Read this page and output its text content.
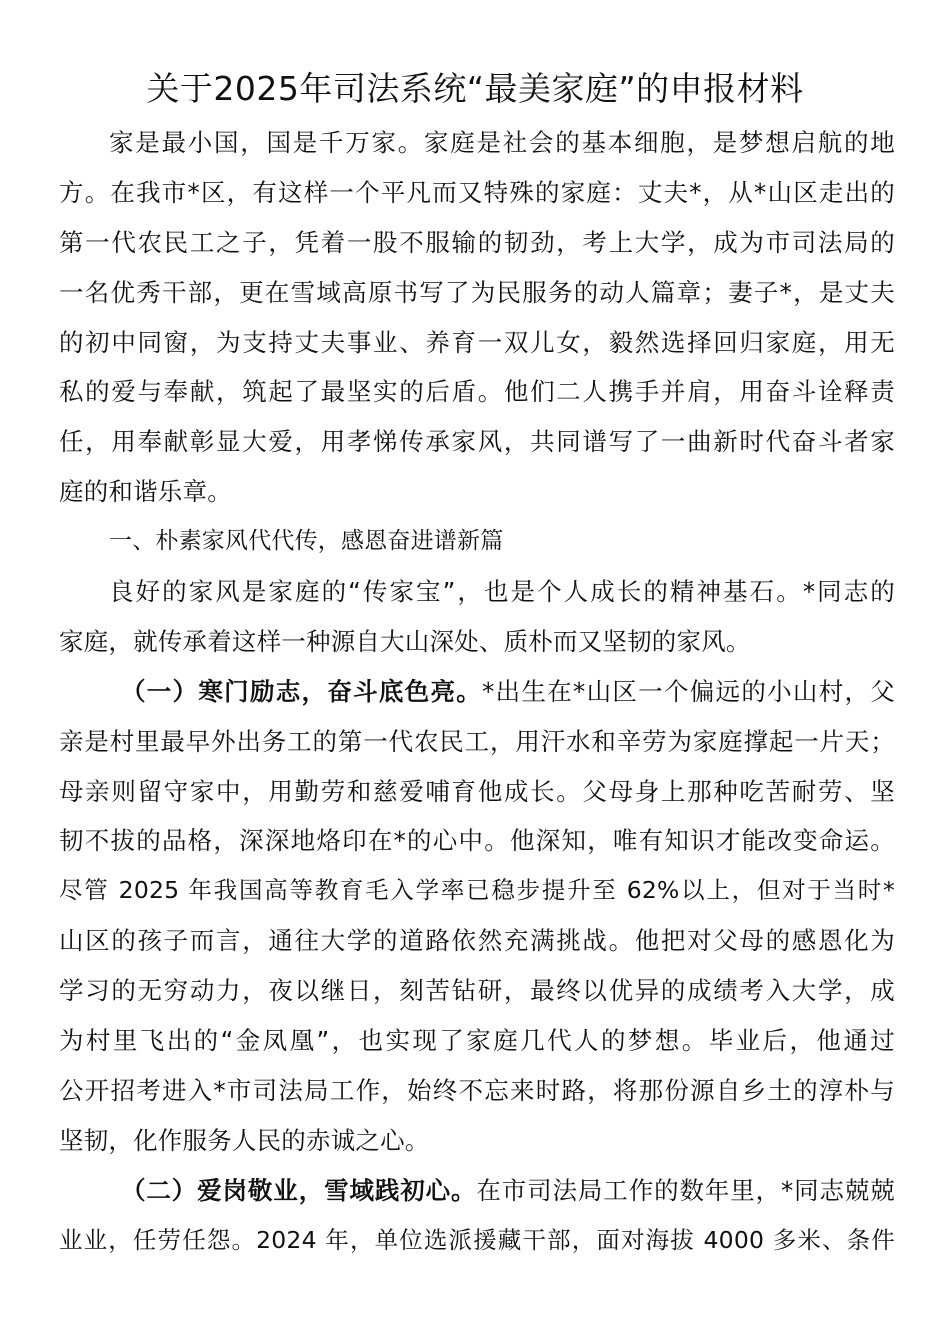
关于2025年司法系统“最美家庭”的申报材料
家是最小国，国是千万家。家庭是社会的基本细胞，是梦想启航的地
方。在我市*区，有这样一个平凡而又特殊的家庭：丈夫*，从*山区走出的
第一代农民工之子，凭着一股不服输的韧劲，考上大学，成为市司法局的
一名优秀干部，更在雪域高原书写了为民服务的动人篇章；妻子*，是丈夫
的初中同窗，为支持丈夫事业、养育一双儿女，毅然选择回归家庭，用无
私的爱与奉献，筑起了最坚实的后盾。他们二人携手并肩，用奋斗诠释责
任，用奉献彰显大爱，用孝悌传承家风，共同谱写了一曲新时代奋斗者家
庭的和谐乐章。
一、朴素家风代代传，感恩奋进谱新篇
良好的家风是家庭的“传家宝”，也是个人成长的精神基石。*同志的
家庭，就传承着这样一种源自大山深处、质朴而又坚韧的家风。
（一）寒门励志，奋斗底色亮。*出生在*山区一个偏远的小山村，父
亲是村里最早外出务工的第一代农民工，用汗水和辛劳为家庭撑起一片天；
母亲则留守家中，用勤劳和慈爱哺育他成长。父母身上那种吃苦耐劳、坚
韧不拔的品格，深深地烙印在*的心中。他深知，唯有知识才能改变命运。
尽管 2025 年我国高等教育毛入学率已稳步提升至 62%以上，但对于当时*
山区的孩子而言，通往大学的道路依然充满挑战。他把对父母的感恩化为
学习的无穷动力，夜以继日，刻苦钻研，最终以优异的成绩考入大学，成
为村里飞出的“金凤凰”，也实现了家庭几代人的梦想。毕业后，他通过
公开招考进入*市司法局工作，始终不忘来时路，将那份源自乡土的淳朴与
坚韧，化作服务人民的赤诚之心。
（二）爱岗敬业，雪域践初心。在市司法局工作的数年里，*同志兢兢
业业，任劳任怨。2024 年，单位选派援藏干部，面对海拔 4000 多米、条件
